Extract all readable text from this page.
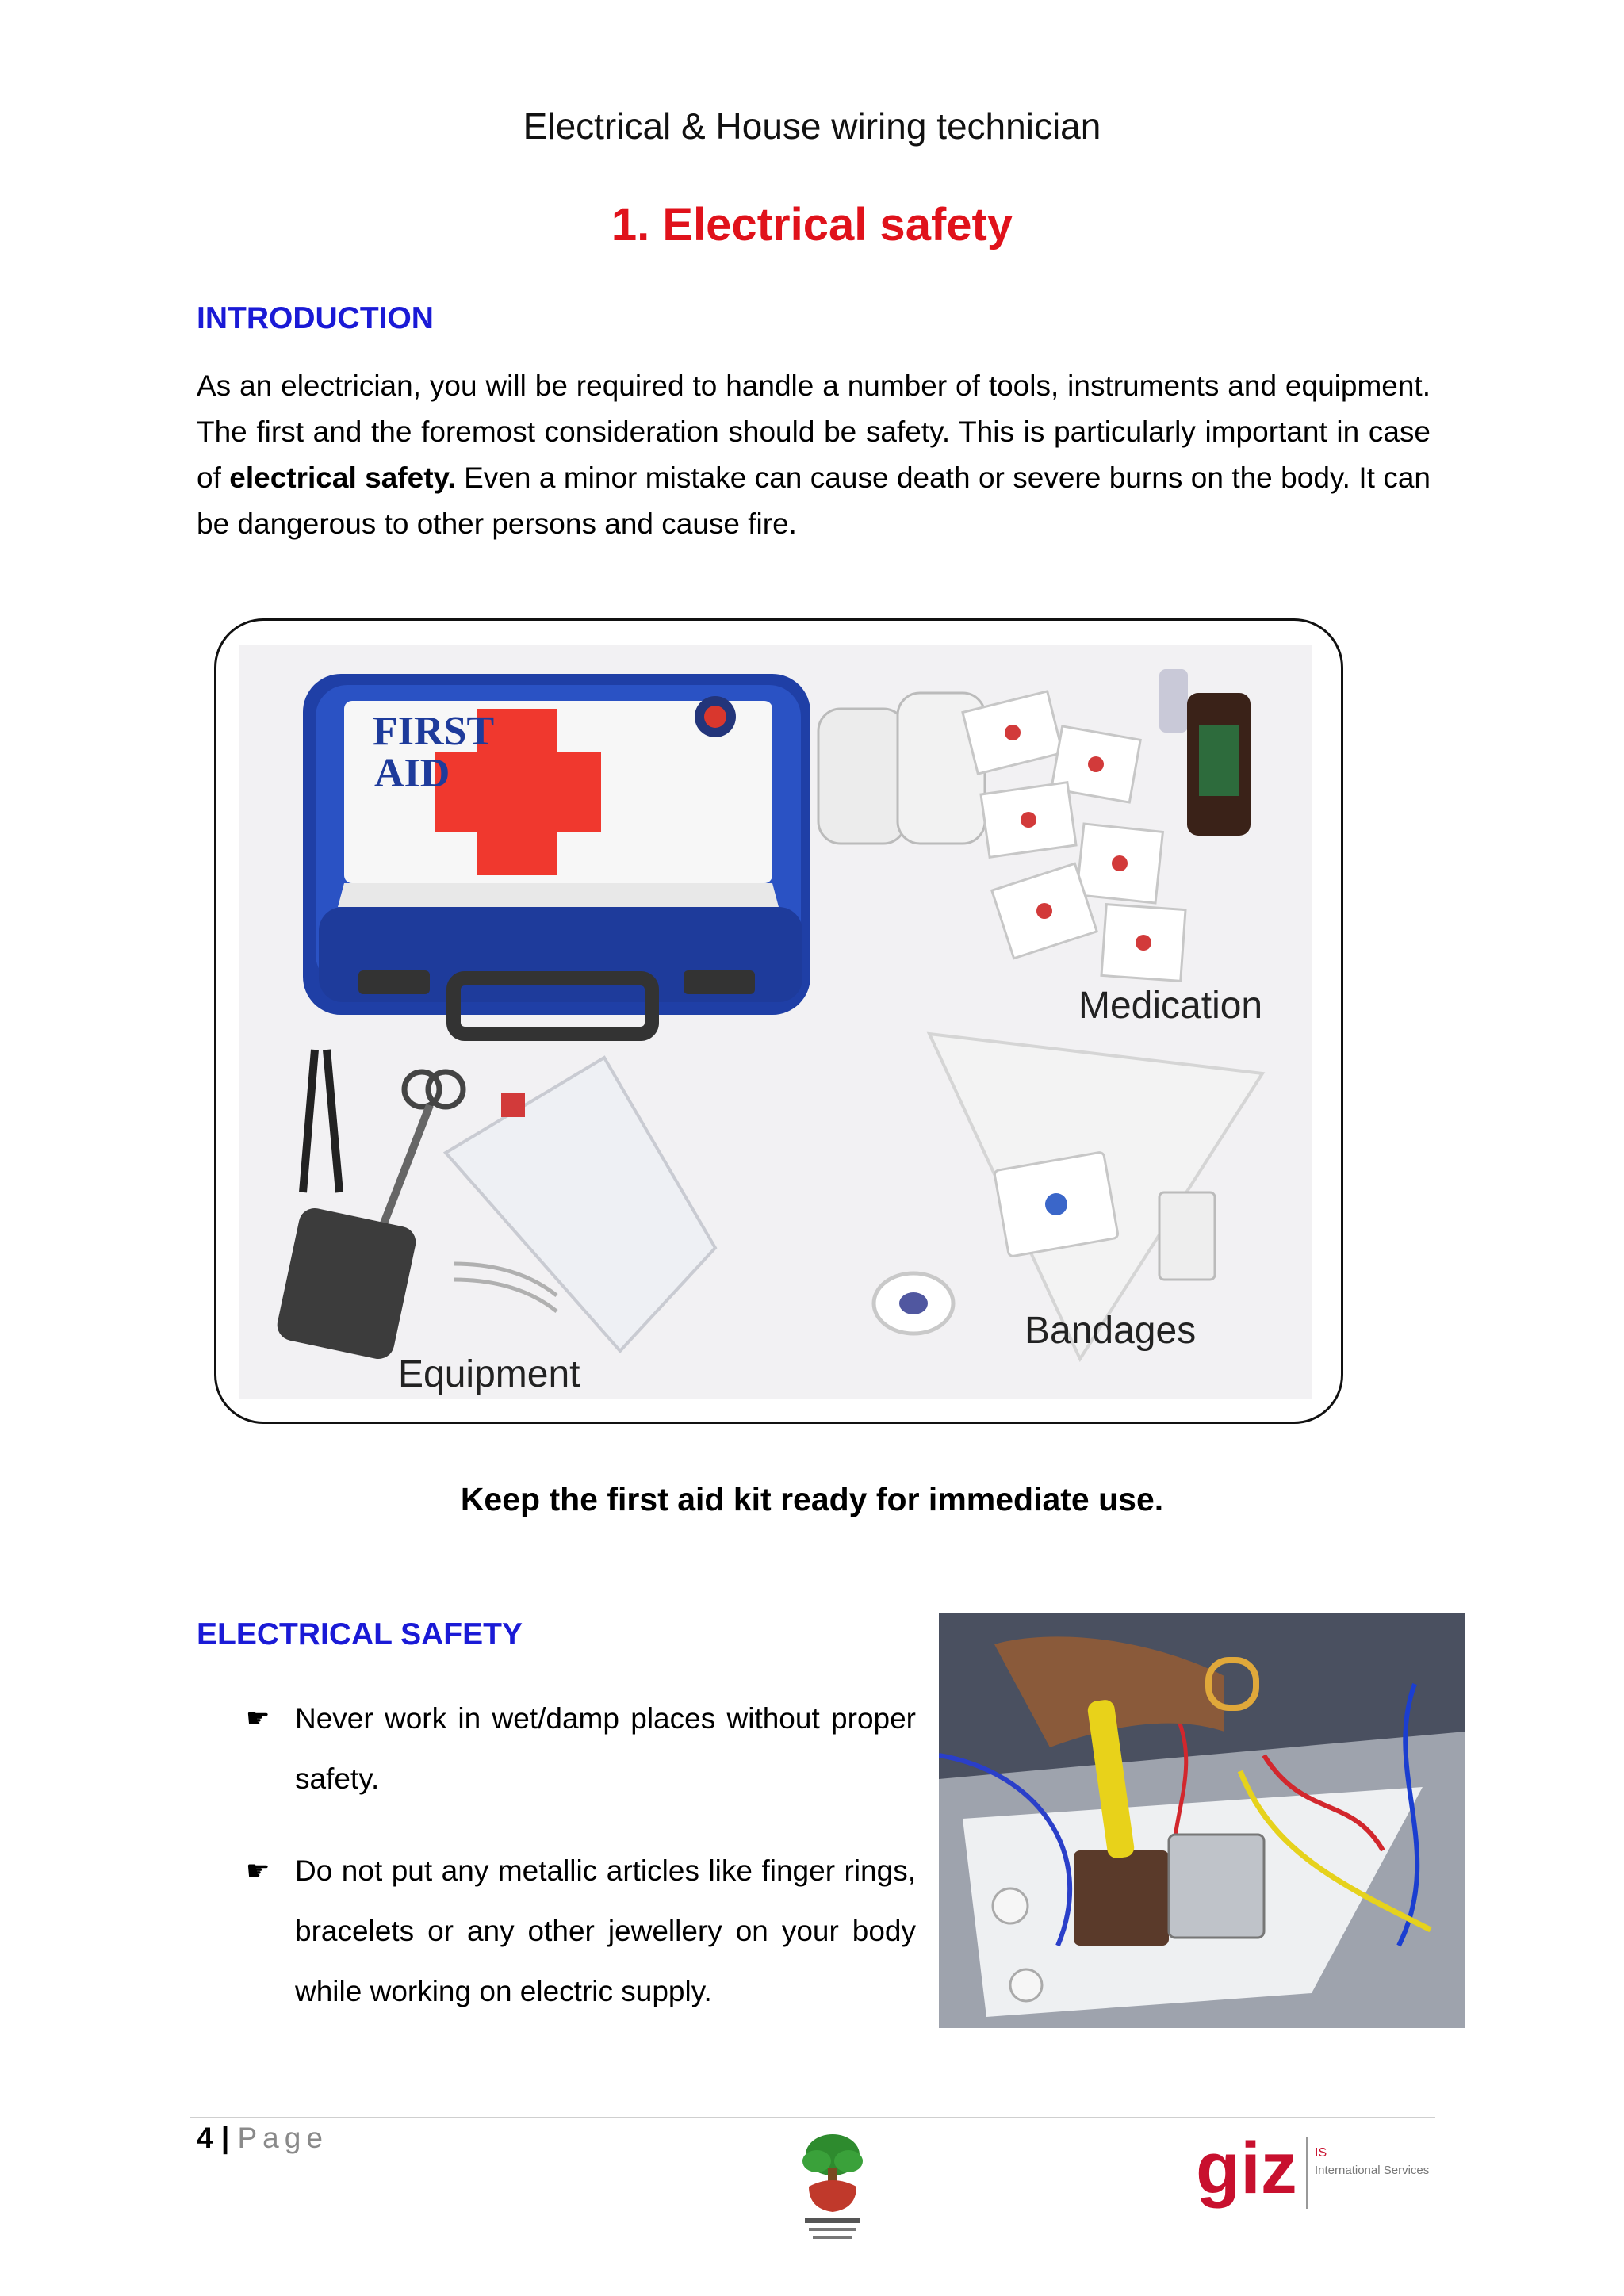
Electrical & House wiring technician
1. Electrical safety
INTRODUCTION
As an electrician, you will be required to handle a number of tools, instruments and equipment. The first and the foremost consideration should be safety. This is particularly important in case of electrical safety. Even a minor mistake can cause death or severe burns on the body. It can be dangerous to other persons and cause fire.
FIRST
AID
Medication
Equipment
Bandages
Keep the first aid kit ready for immediate use.
ELECTRICAL SAFETY
☛ Never work in wet/damp places without proper safety.
☛ Do not put any metallic articles like finger rings, bracelets or any other jewellery on your body while working on electric supply.
4 | Page	giz IS
International Services
